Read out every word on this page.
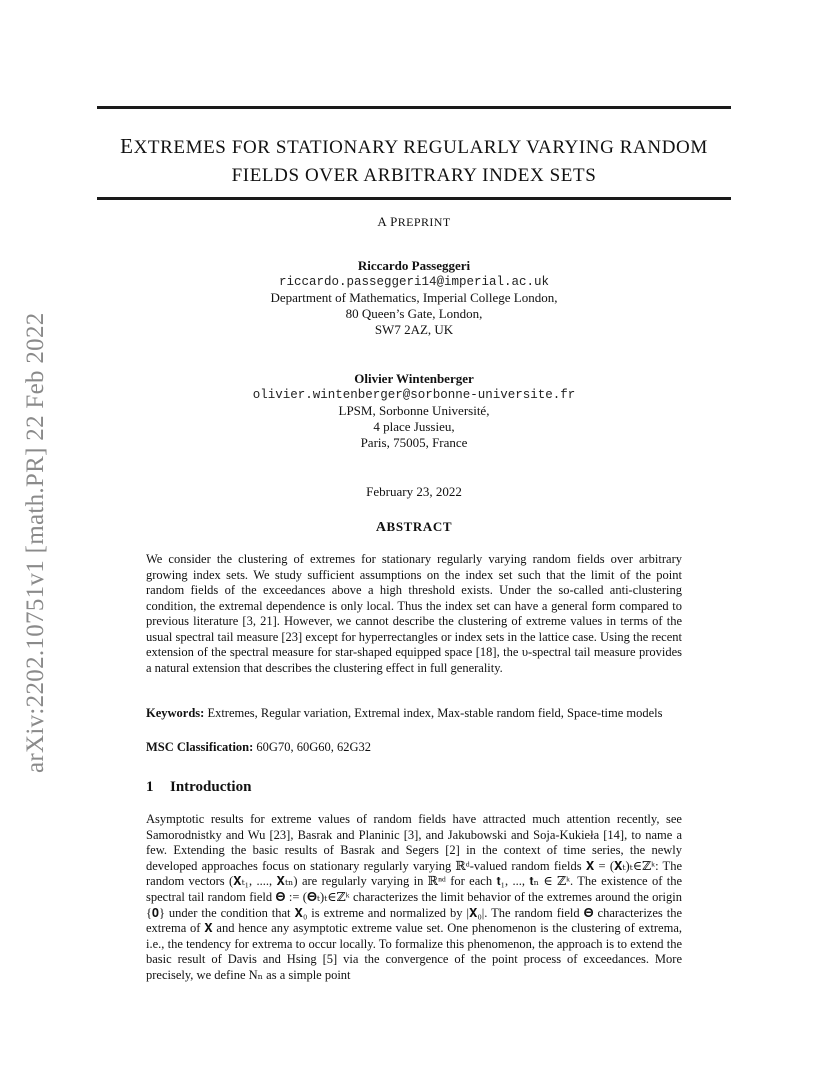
arXiv:2202.10751v1 [math.PR] 22 Feb 2022
EXTREMES FOR STATIONARY REGULARLY VARYING RANDOM
FIELDS OVER ARBITRARY INDEX SETS
A PREPRINT
Riccardo Passeggeri
riccardo.passeggeri14@imperial.ac.uk
Department of Mathematics, Imperial College London,
80 Queen’s Gate, London,
SW7 2AZ, UK
Olivier Wintenberger
olivier.wintenberger@sorbonne-universite.fr
LPSM, Sorbonne Université,
4 place Jussieu,
Paris, 75005, France
February 23, 2022
ABSTRACT
We consider the clustering of extremes for stationary regularly varying random fields over arbitrary growing index sets. We study sufficient assumptions on the index set such that the limit of the point random fields of the exceedances above a high threshold exists. Under the so-called anti-clustering condition, the extremal dependence is only local. Thus the index set can have a general form compared to previous literature [3, 21]. However, we cannot describe the clustering of extreme values in terms of the usual spectral tail measure [23] except for hyperrectangles or index sets in the lattice case. Using the recent extension of the spectral measure for star-shaped equipped space [18], the υ-spectral tail measure provides a natural extension that describes the clustering effect in full generality.
Keywords: Extremes, Regular variation, Extremal index, Max-stable random field, Space-time models
MSC Classification: 60G70, 60G60, 62G32
1 Introduction
Asymptotic results for extreme values of random fields have attracted much attention recently, see Samorodnistky and Wu [23], Basrak and Planinic [3], and Jakubowski and Soja-Kukieła [14], to name a few. Extending the basic results of Basrak and Segers [2] in the context of time series, the newly developed approaches focus on stationary regularly varying ℝᵈ-valued random fields 𝐗 = (𝐗ₜ)ₜ∈ℤᵏ: The random vectors (𝐗ₜ₁, ...., 𝐗ₜₙ) are regularly varying in ℝⁿᵈ for each 𝐭₁, ..., 𝐭ₙ ∈ ℤᵏ. The existence of the spectral tail random field 𝚯 := (𝚯ₜ)ₜ∈ℤᵏ characterizes the limit behavior of the extremes around the origin {𝟎} under the condition that 𝐗₀ is extreme and normalized by |𝐗₀|. The random field 𝚯 characterizes the extrema of 𝐗 and hence any asymptotic extreme value set. One phenomenon is the clustering of extrema, i.e., the tendency for extrema to occur locally. To formalize this phenomenon, the approach is to extend the basic result of Davis and Hsing [5] via the convergence of the point process of exceedances. More precisely, we define Nₙ as a simple point
